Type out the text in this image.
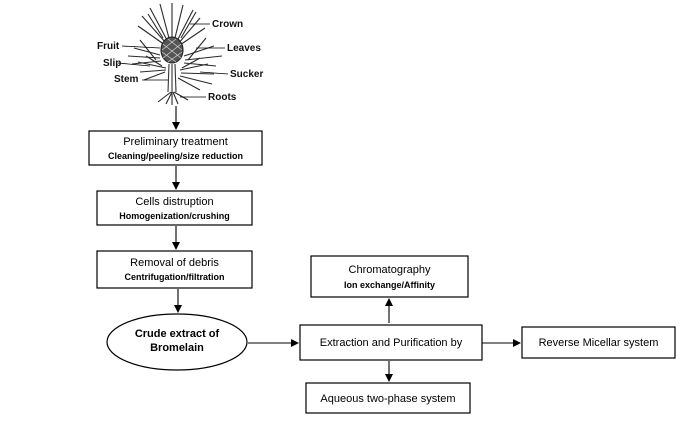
Crown
Fruit	Leaves
Slip
Sucker
Stem
Roots
Preliminary treatment
Cleaning/peeling/size reduction
Cells distruption
Homogenization/crushing
Removal of debris
Centrifugation/filtration
Crude extract of
Bromelain	Extraction and Purification by
Chromatography
Ion exchange/Affinity
Reverse Micellar system
Aqueous two-phase system
